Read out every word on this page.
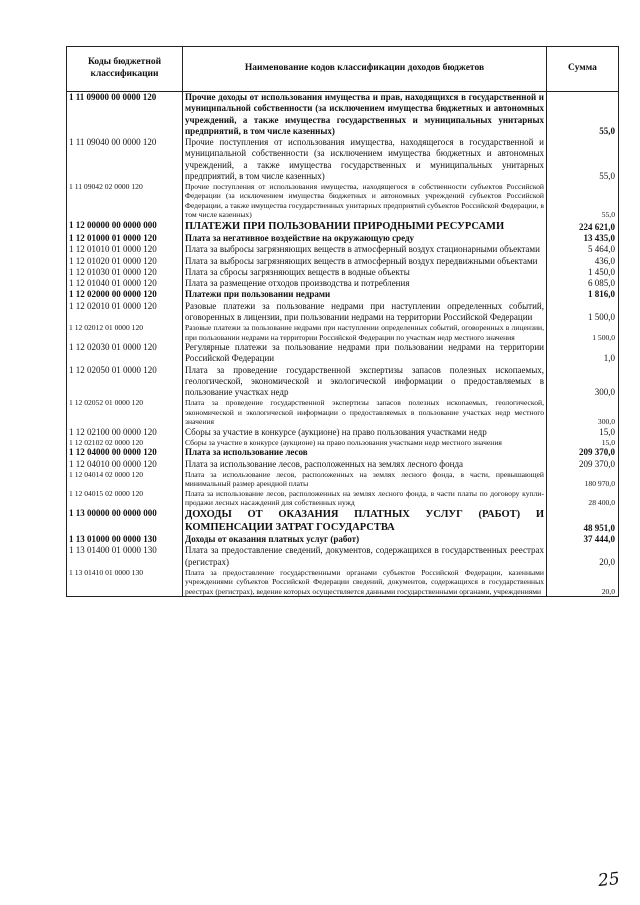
Коды бюджетной классификации	Наименование кодов классификации доходов бюджетов	Сумма
1 11 09000 00 0000 120	Прочие доходы от использования имущества и прав, находящихся в государственной и муниципальной собственности (за исключением имущества бюджетных и автономных учреждений, а также имущества государственных и муниципальных унитарных предприятий, в том числе казенных)	55,0
1 11 09040 00 0000 120	Прочие поступления от использования имущества, находящегося в государственной и муниципальной собственности (за исключением имущества бюджетных и автономных учреждений, а также имущества государственных и муниципальных унитарных предприятий, в том числе казенных)	55,0
1 11 09042 02 0000 120	Прочие поступления от использования имущества, находящегося в собственности субъектов Российской Федерации (за исключением имущества бюджетных и автономных учреждений субъектов Российской Федерации, а также имущества государственных унитарных предприятий субъектов Российской Федерации, в том числе казенных)	55,0
1 12 00000 00 0000 000	ПЛАТЕЖИ ПРИ ПОЛЬЗОВАНИИ ПРИРОДНЫМИ РЕСУРСАМИ	224 621,0
1 12 01000 01 0000 120	Плата за негативное воздействие на окружающую среду	13 435,0
1 12 01010 01 0000 120	Плата за выбросы загрязняющих веществ в атмосферный воздух стационарными объектами	5 464,0
1 12 01020 01 0000 120	Плата за выбросы загрязняющих веществ в атмосферный воздух передвижными объектами	436,0
1 12 01030 01 0000 120	Плата за сбросы загрязняющих веществ в водные объекты	1 450,0
1 12 01040 01 0000 120	Плата за размещение отходов производства и потребления	6 085,0
1 12 02000 00 0000 120	Платежи при пользовании недрами	1 816,0
1 12 02010 01 0000 120	Разовые платежи за пользование недрами при наступлении определенных событий, оговоренных в лицензии, при пользовании недрами на территории Российской Федерации	1 500,0
1 12 02012 01 0000 120	Разовые платежи за пользование недрами при наступлении определенных событий, оговоренных в лицензии, при пользовании недрами на территории Российской Федерации по участкам недр местного значения	1 500,0
1 12 02030 01 0000 120	Регулярные платежи за пользование недрами при пользовании недрами на территории Российской Федерации	1,0
1 12 02050 01 0000 120	Плата за проведение государственной экспертизы запасов полезных ископаемых, геологической, экономической и экологической информации о предоставляемых в пользование участках недр	300,0
1 12 02052 01 0000 120	Плата за проведение государственной экспертизы запасов полезных ископаемых, геологической, экономической и экологической информации о предоставляемых в пользование участках недр местного значения	300,0
1 12 02100 00 0000 120	Сборы за участие в конкурсе (аукционе) на право пользования участками недр	15,0
1 12 02102 02 0000 120	Сборы за участие в конкурсе (аукционе) на право пользования участками недр местного значения	15,0
1 12 04000 00 0000 120	Плата за использование лесов	209 370,0
1 12 04010 00 0000 120	Плата за использование лесов, расположенных на землях лесного фонда	209 370,0
1 12 04014 02 0000 120	Плата за использование лесов, расположенных на землях лесного фонда, в части, превышающей минимальный размер арендной платы	180 970,0
1 12 04015 02 0000 120	Плата за использование лесов, расположенных на землях лесного фонда, в части платы по договору купли-продажи лесных насаждений для собственных нужд	28 400,0
1 13 00000 00 0000 000	ДОХОДЫ ОТ ОКАЗАНИЯ ПЛАТНЫХ УСЛУГ (РАБОТ) И КОМПЕНСАЦИИ ЗАТРАТ ГОСУДАРСТВА	48 951,0
1 13 01000 00 0000 130	Доходы от оказания платных услуг (работ)	37 444,0
1 13 01400 01 0000 130	Плата за предоставление сведений, документов, содержащихся в государственных реестрах (регистрах)	20,0
1 13 01410 01 0000 130	Плата за предоставление государственными органами субъектов Российской Федерации, казенными учреждениями субъектов Российской Федерации сведений, документов, содержащихся в государственных реестрах (регистрах), ведение которых осуществляется данными государственными органами, учреждениями	20,0
25
